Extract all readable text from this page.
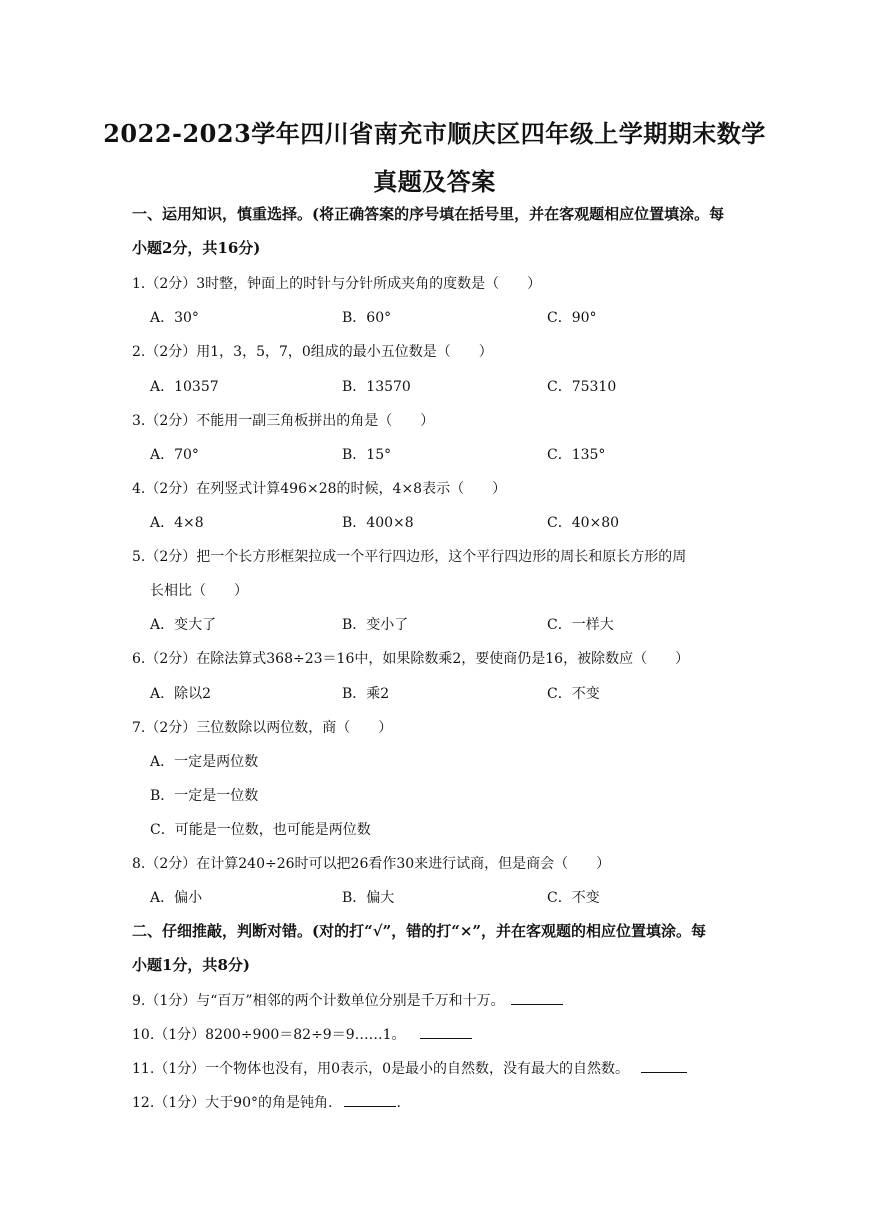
2022-2023学年四川省南充市顺庆区四年级上学期期末数学
真题及答案
一、运用知识，慎重选择。(将正确答案的序号填在括号里，并在客观题相应位置填涂。每
小题2分，共16分)
1.（2分）3时整，钟面上的时针与分针所成夹角的度数是（　　）
A．30°	B．60°	C．90°
2.（2分）用1，3，5，7，0组成的最小五位数是（　　）
A．10357	B．13570	C．75310
3.（2分）不能用一副三角板拼出的角是（　　）
A．70°	B．15°	C．135°
4.（2分）在列竖式计算496×28的时候，4×8表示（　　）
A．4×8	B．400×8	C．40×80
5.（2分）把一个长方形框架拉成一个平行四边形，这个平行四边形的周长和原长方形的周
长相比（　　）
A．变大了	B．变小了	C．一样大
6.（2分）在除法算式368÷23＝16中，如果除数乘2，要使商仍是16，被除数应（　　）
A．除以2	B．乘2	C．不变
7.（2分）三位数除以两位数，商（　　）
A．一定是两位数
B．一定是一位数
C．可能是一位数，也可能是两位数
8.（2分）在计算240÷26时可以把26看作30来进行试商，但是商会（　　）
A．偏小	B．偏大	C．不变
二、仔细推敲，判断对错。(对的打“√”，错的打“×”，并在客观题的相应位置填涂。每
小题1分，共8分)
9.（1分）与“百万”相邻的两个计数单位分别是千万和十万。
10.（1分）8200÷900＝82÷9＝9……1。
11.（1分）一个物体也没有，用0表示，0是最小的自然数，没有最大的自然数。
12.（1分）大于90°的角是钝角.	.
